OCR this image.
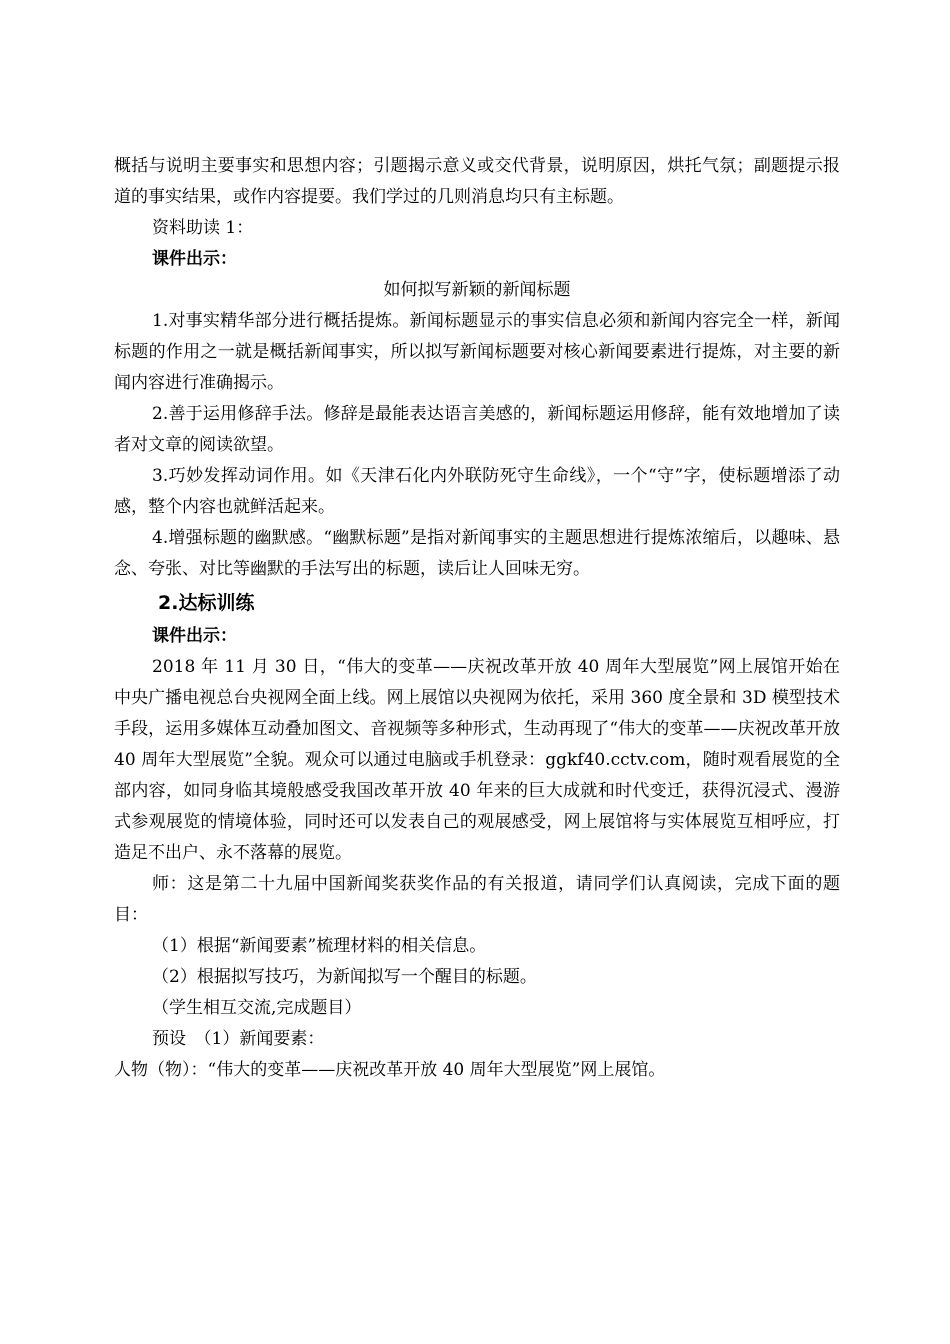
概括与说明主要事实和思想内容；引题揭示意义或交代背景，说明原因，烘托气氛；副题提示报道的事实结果，或作内容提要。我们学过的几则消息均只有主标题。

资料助读 1：

课件出示：

如何拟写新颖的新闻标题

1.对事实精华部分进行概括提炼。新闻标题显示的事实信息必须和新闻内容完全一样，新闻标题的作用之一就是概括新闻事实，所以拟写新闻标题要对核心新闻要素进行提炼，对主要的新闻内容进行准确揭示。

2.善于运用修辞手法。修辞是最能表达语言美感的，新闻标题运用修辞，能有效地增加了读者对文章的阅读欲望。

3.巧妙发挥动词作用。如《天津石化内外联防死守生命线》，一个“守”字，使标题增添了动感，整个内容也就鲜活起来。

4.增强标题的幽默感。“幽默标题”是指对新闻事实的主题思想进行提炼浓缩后，以趣味、悬念、夸张、对比等幽默的手法写出的标题，读后让人回味无穷。

2.达标训练

课件出示：

2018 年 11 月 30 日，“伟大的变革——庆祝改革开放 40 周年大型展览”网上展馆开始在中央广播电视总台央视网全面上线。网上展馆以央视网为依托，采用 360 度全景和 3D 模型技术手段，运用多媒体互动叠加图文、音视频等多种形式，生动再现了“伟大的变革——庆祝改革开放 40 周年大型展览”全貌。观众可以通过电脑或手机登录：ggkf40.cctv.com，随时观看展览的全部内容，如同身临其境般感受我国改革开放 40 年来的巨大成就和时代变迁，获得沉浸式、漫游式参观展览的情境体验，同时还可以发表自己的观展感受，网上展馆将与实体展览互相呼应，打造足不出户、永不落幕的展览。

师：这是第二十九届中国新闻奖获奖作品的有关报道，请同学们认真阅读，完成下面的题目：

（1）根据“新闻要素”梳理材料的相关信息。

（2）根据拟写技巧，为新闻拟写一个醒目的标题。

（学生相互交流,完成题目）

预设　（1）新闻要素：

人物（物）：“伟大的变革——庆祝改革开放 40 周年大型展览”网上展馆。
